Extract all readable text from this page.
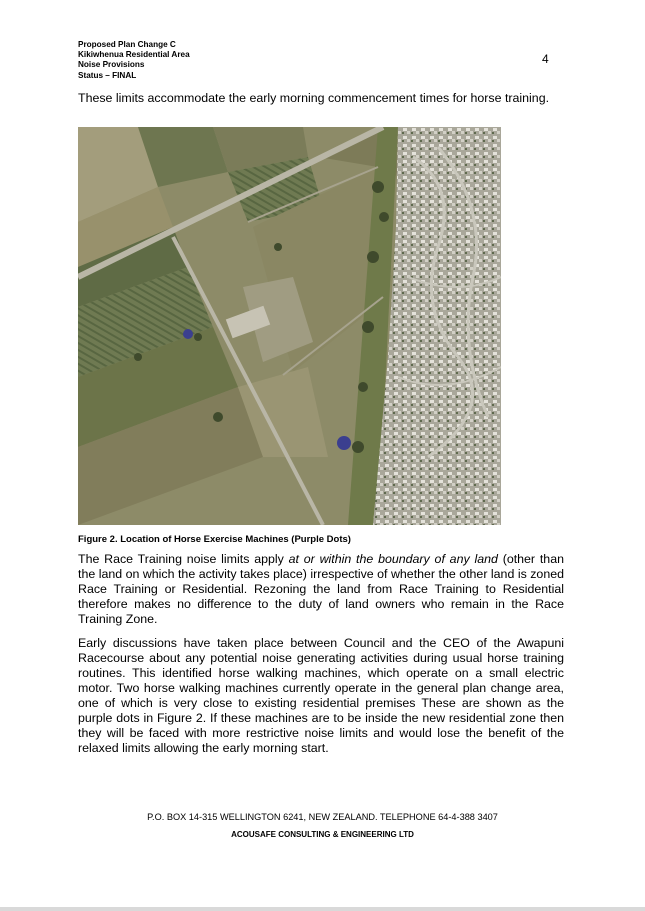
Proposed Plan Change C
Kikiwhenua Residential Area
Noise Provisions
Status – FINAL
4

These limits accommodate the early morning commencement times for horse training.

Figure 2. Location of Horse Exercise Machines (Purple Dots)

The Race Training noise limits apply at or within the boundary of any land (other than the land on which the activity takes place) irrespective of whether the other land is zoned Race Training or Residential. Rezoning the land from Race Training to Residential therefore makes no difference to the duty of land owners who remain in the Race Training Zone.

Early discussions have taken place between Council and the CEO of the Awapuni Racecourse about any potential noise generating activities during usual horse training routines. This identified horse walking machines, which operate on a small electric motor. Two horse walking machines currently operate in the general plan change area, one of which is very close to existing residential premises These are shown as the purple dots in Figure 2. If these machines are to be inside the new residential zone then they will be faced with more restrictive noise limits and would lose the benefit of the relaxed limits allowing the early morning start.

P.O. BOX 14-315 WELLINGTON 6241, NEW ZEALAND. TELEPHONE 64-4-388 3407
ACOUSAFE CONSULTING & ENGINEERING LTD
